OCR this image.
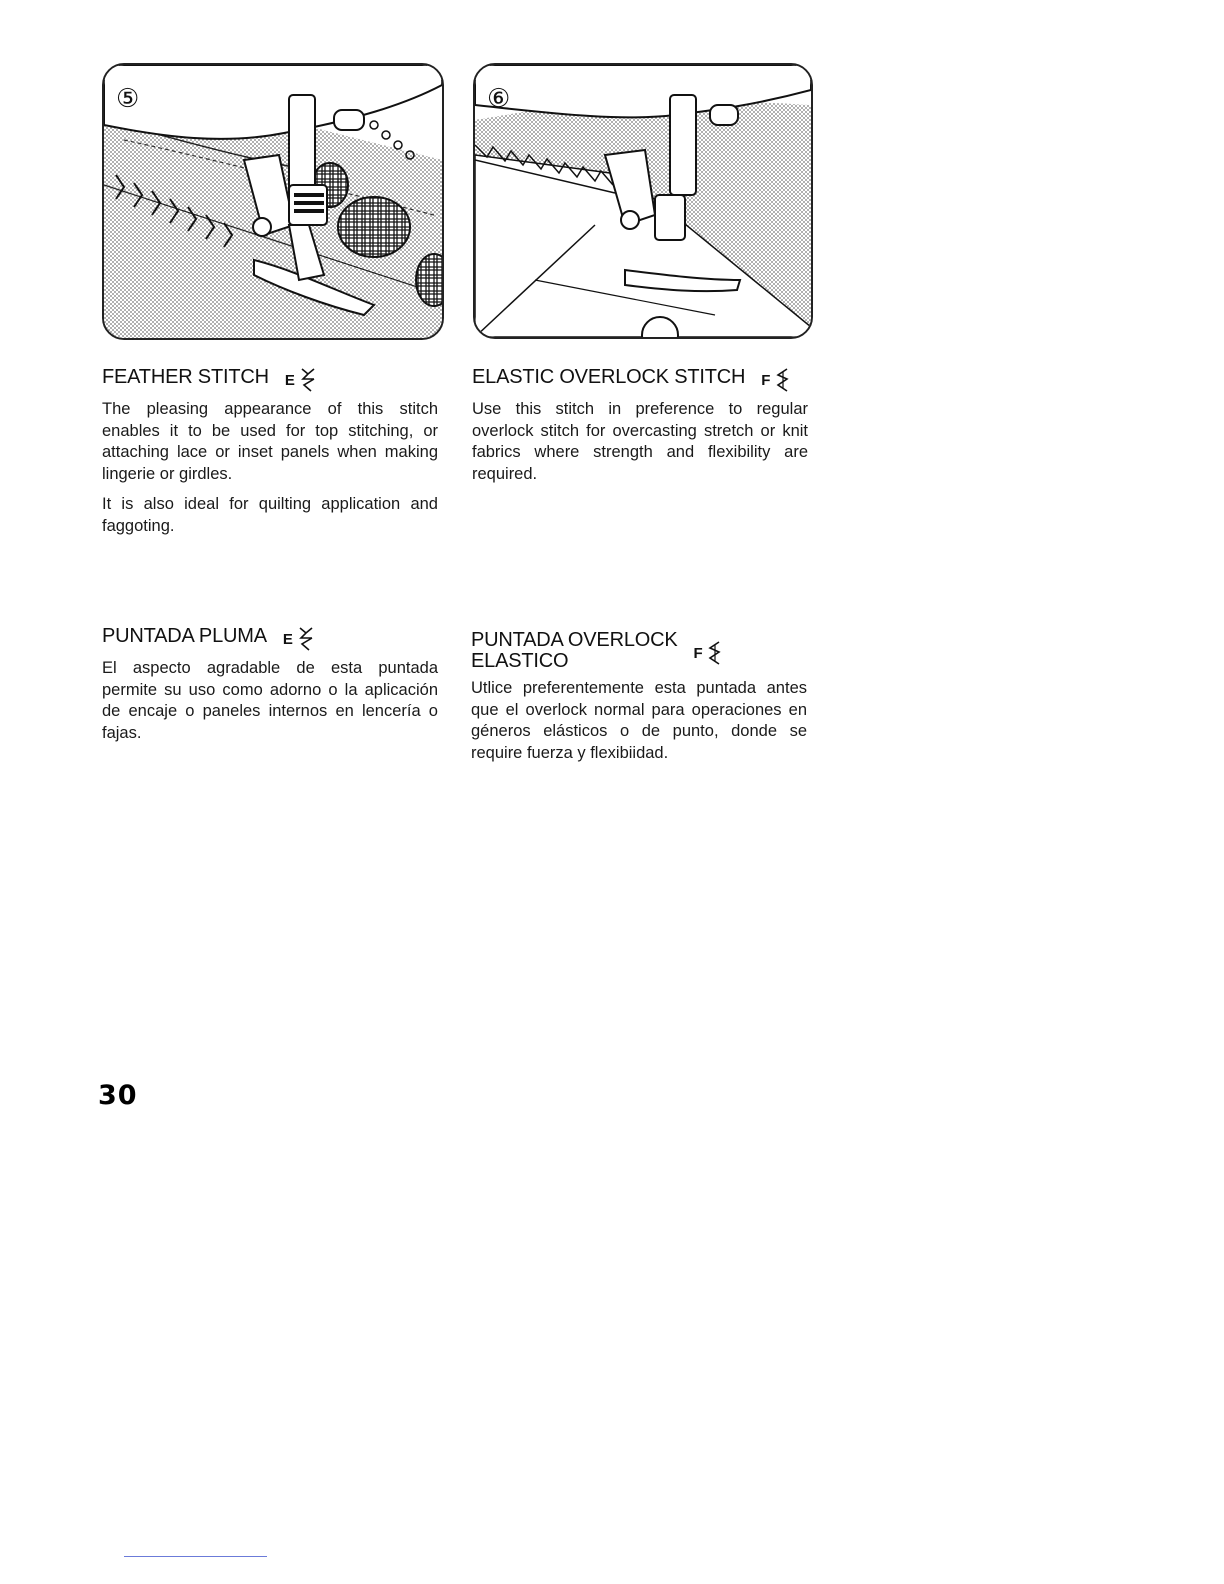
⑤	⑥
FEATHER STITCH E

The pleasing appearance of this stitch enables it to be used for top stitching, or attaching lace or inset panels when making lingerie or girdles.

It is also ideal for quilting application and faggoting.

ELASTIC OVERLOCK STITCH F

Use this stitch in preference to regular overlock stitch for overcasting stretch or knit fabrics where strength and flexibility are required.

PUNTADA PLUMA E

El aspecto agradable de esta puntada permite su uso como adorno o la aplicación de encaje o paneles internos en lencería o fajas.

PUNTADA OVERLOCK
ELASTICO	F

Utlice preferentemente esta puntada antes que el overlock normal para operaciones en géneros elásticos o de punto, donde se require fuerza y flexibiidad.

30
